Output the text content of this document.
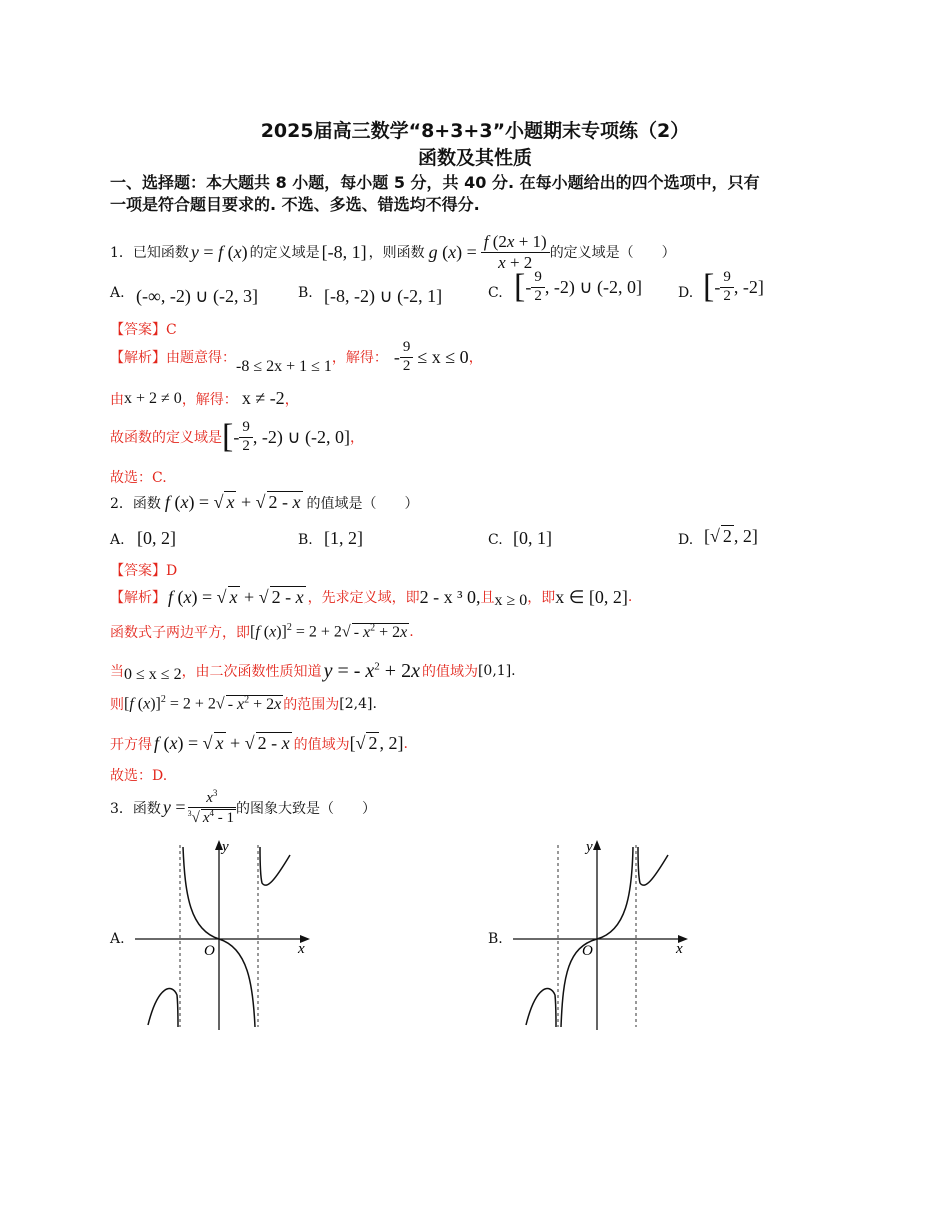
2025届高三数学“8+3+3”小题期末专项练（2）
函数及其性质
一、选择题：本大题共 8 小题，每小题 5 分，共 40 分. 在每小题给出的四个选项中，只有
一项是符合题目要求的. 不选、多选、错选均不得分.
1． 已知函数 y = f (x) 的定义域是 [-8, 1] ，则函数 g $(x) = \frac{f (2x + 1)}{x + 2}$ 的定义域是（　　）
A. (-∞, -2) ∪ (-2, 3]	B. [-8, -2) ∪ (-2, 1]	C. [ - $\frac{9}{2}$ , -2) ∪ (-2, 0]	D. [ - $\frac{9}{2}$ , -2]
【答案】C
【解析】 由题意得： -8 ≤ 2x + 1 ≤ 1 ，解得： - $\frac{9}{2} \le x \le 0$ ，
由 x + 2 ≠ 0 ，解得： x ≠ -2 ，
故函数的定义域是 [ - $\frac{9}{2}$ , -2) ∪ (-2, 0] ，
故选：C.
2． 函数 f (x) = √ x + √ 2 - x 的值域是（　　）
A. [0, 2]	B. [1, 2]	C. [0, 1]	D. [√ 2 , 2]
【答案】D
【解析】 f (x) = √ x + √ 2 - x ，先求定义域，即 2 - x ³ 0, 且 x ≥ 0 ，即 x ∈ [0, 2] .
函数式子两边平方，即 [f $(x)]^2 = 2 + 2√ - x^2 + 2x$ .
当 0 ≤ x ≤ 2 ，由二次函数性质知道 y = - $x^2 + 2x$ 的值域为 [0,1].
则 [f $(x)]^2 = 2 + 2√ - x^2 + 2x$ 的范围为 [2,4].
开方得 f (x) = √ x + √ 2 - x 的值域为 [√ 2 , 2] .
故选：D.
3． 函数 $y = \frac{x^3}{^3√ x^4 - 1}$ 的图象大致是（　　）
A.	B.
y
x
O
y
x
O
